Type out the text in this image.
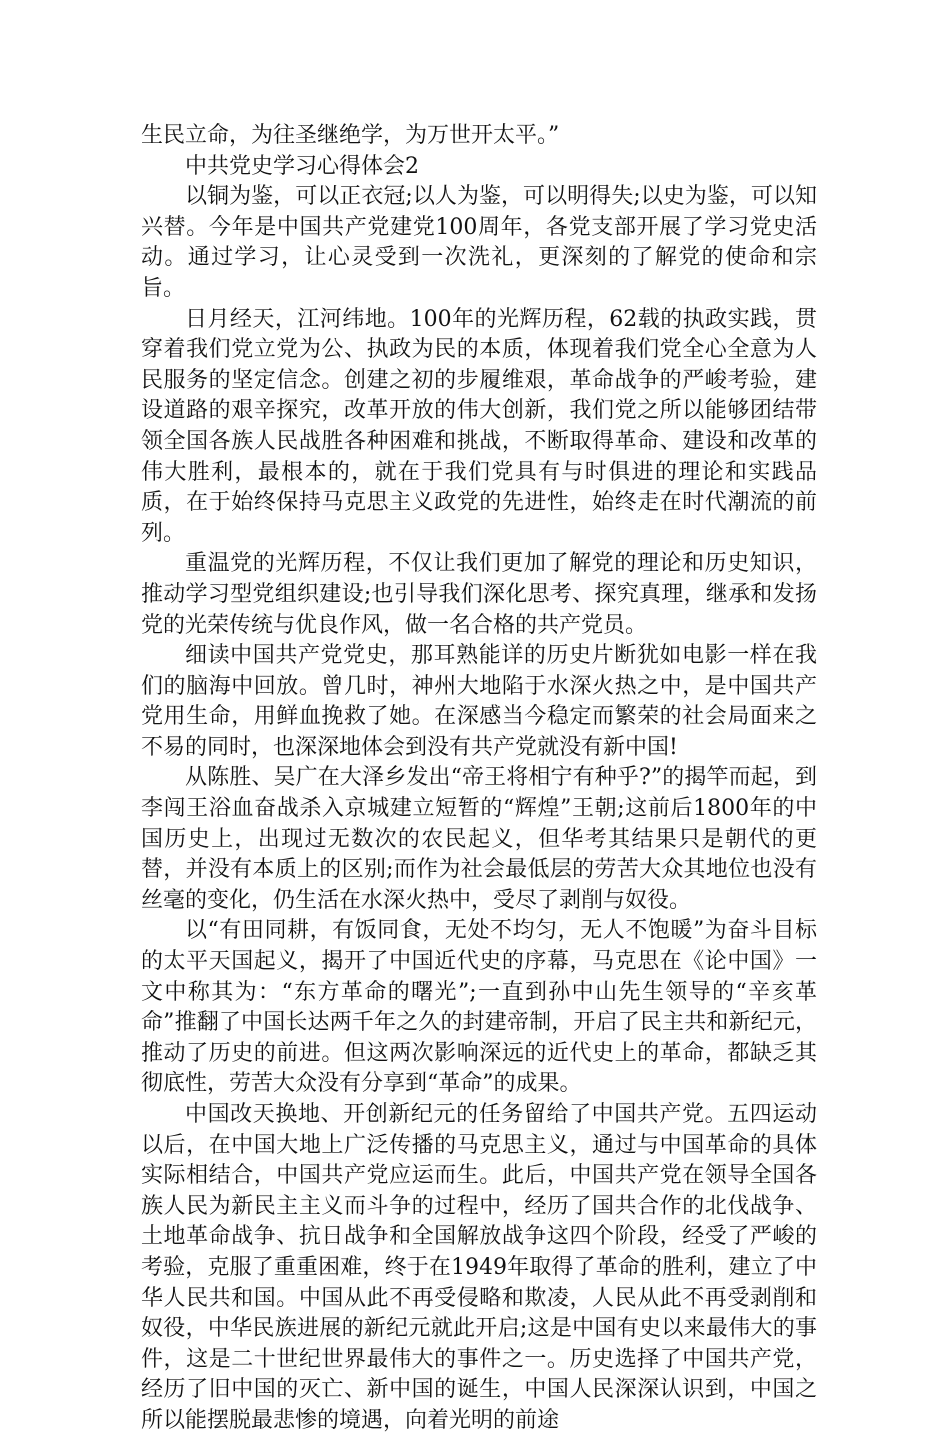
生民立命，为往圣继绝学，为万世开太平。”

中共党史学习心得体会2

以铜为鉴，可以正衣冠;以人为鉴，可以明得失;以史为鉴，可以知兴替。今年是中国共产党建党100周年，各党支部开展了学习党史活动。通过学习，让心灵受到一次洗礼，更深刻的了解党的使命和宗旨。

日月经天，江河纬地。100年的光辉历程，62载的执政实践，贯穿着我们党立党为公、执政为民的本质，体现着我们党全心全意为人民服务的坚定信念。创建之初的步履维艰，革命战争的严峻考验，建设道路的艰辛探究，改革开放的伟大创新，我们党之所以能够团结带领全国各族人民战胜各种困难和挑战，不断取得革命、建设和改革的伟大胜利，最根本的，就在于我们党具有与时俱进的理论和实践品质，在于始终保持马克思主义政党的先进性，始终走在时代潮流的前列。

重温党的光辉历程，不仅让我们更加了解党的理论和历史知识，推动学习型党组织建设;也引导我们深化思考、探究真理，继承和发扬党的光荣传统与优良作风，做一名合格的共产党员。

细读中国共产党党史，那耳熟能详的历史片断犹如电影一样在我们的脑海中回放。曾几时，神州大地陷于水深火热之中，是中国共产党用生命，用鲜血挽救了她。在深感当今稳定而繁荣的社会局面来之不易的同时，也深深地体会到没有共产党就没有新中国!

从陈胜、吴广在大泽乡发出“帝王将相宁有种乎?”的揭竿而起，到李闯王浴血奋战杀入京城建立短暂的“辉煌”王朝;这前后1800年的中国历史上，出现过无数次的农民起义，但华考其结果只是朝代的更替，并没有本质上的区别;而作为社会最低层的劳苦大众其地位也没有丝毫的变化，仍生活在水深火热中，受尽了剥削与奴役。

以“有田同耕，有饭同食，无处不均匀，无人不饱暖”为奋斗目标的太平天国起义，揭开了中国近代史的序幕，马克思在《论中国》一文中称其为：“东方革命的曙光”;一直到孙中山先生领导的“辛亥革命”推翻了中国长达两千年之久的封建帝制，开启了民主共和新纪元，推动了历史的前进。但这两次影响深远的近代史上的革命，都缺乏其彻底性，劳苦大众没有分享到“革命”的成果。

中国改天换地、开创新纪元的任务留给了中国共产党。五四运动以后，在中国大地上广泛传播的马克思主义，通过与中国革命的具体实际相结合，中国共产党应运而生。此后，中国共产党在领导全国各族人民为新民主主义而斗争的过程中，经历了国共合作的北伐战争、土地革命战争、抗日战争和全国解放战争这四个阶段，经受了严峻的考验，克服了重重困难，终于在1949年取得了革命的胜利，建立了中华人民共和国。中国从此不再受侵略和欺凌，人民从此不再受剥削和奴役，中华民族进展的新纪元就此开启;这是中国有史以来最伟大的事件，这是二十世纪世界最伟大的事件之一。历史选择了中国共产党，经历了旧中国的灭亡、新中国的诞生，中国人民深深认识到，中国之所以能摆脱最悲惨的境遇，向着光明的前途
